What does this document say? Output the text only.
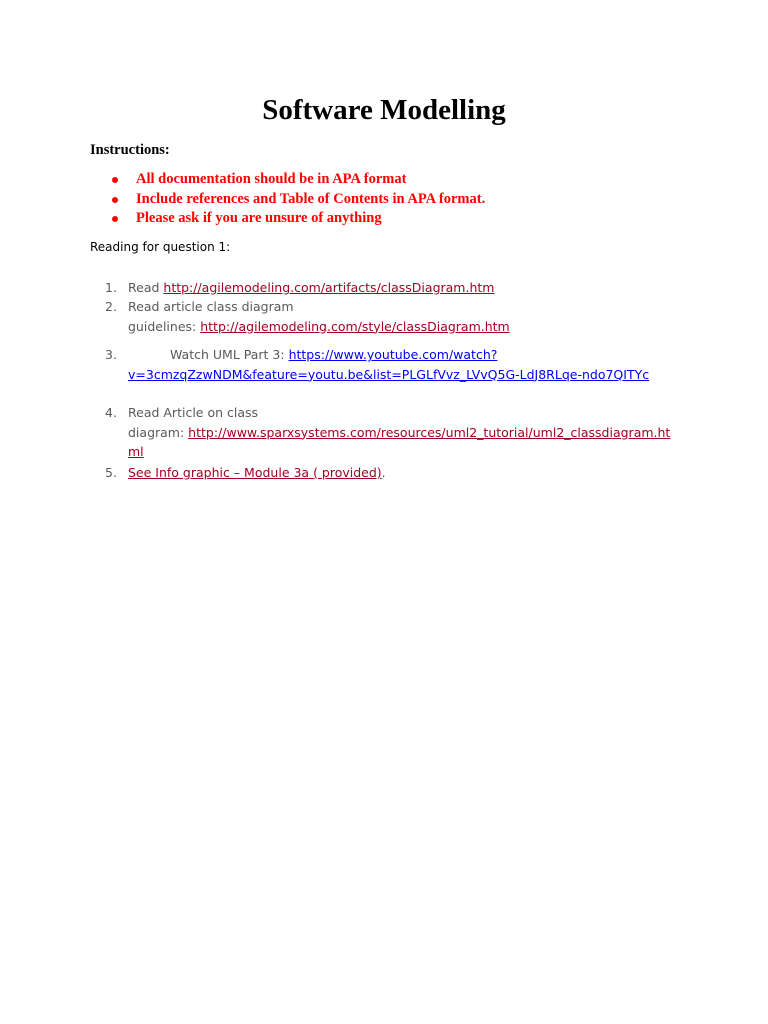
Software Modelling
Instructions:
All documentation should be in APA format
Include references and Table of Contents in APA format.
Please ask if you are unsure of anything
Reading for question 1:
1. Read http://agilemodeling.com/artifacts/classDiagram.htm
2. Read article class diagram
guidelines: http://agilemodeling.com/style/classDiagram.htm
3.	Watch UML Part 3: https://www.youtube.com/watch?
v=3cmzqZzwNDM&feature=youtu.be&list=PLGLfVvz_LVvQ5G-LdJ8RLqe-ndo7QITYc
4. Read Article on class
diagram: http://www.sparxsystems.com/resources/uml2_tutorial/uml2_classdiagram.ht
ml
5. See Info graphic – Module 3a ( provided).
